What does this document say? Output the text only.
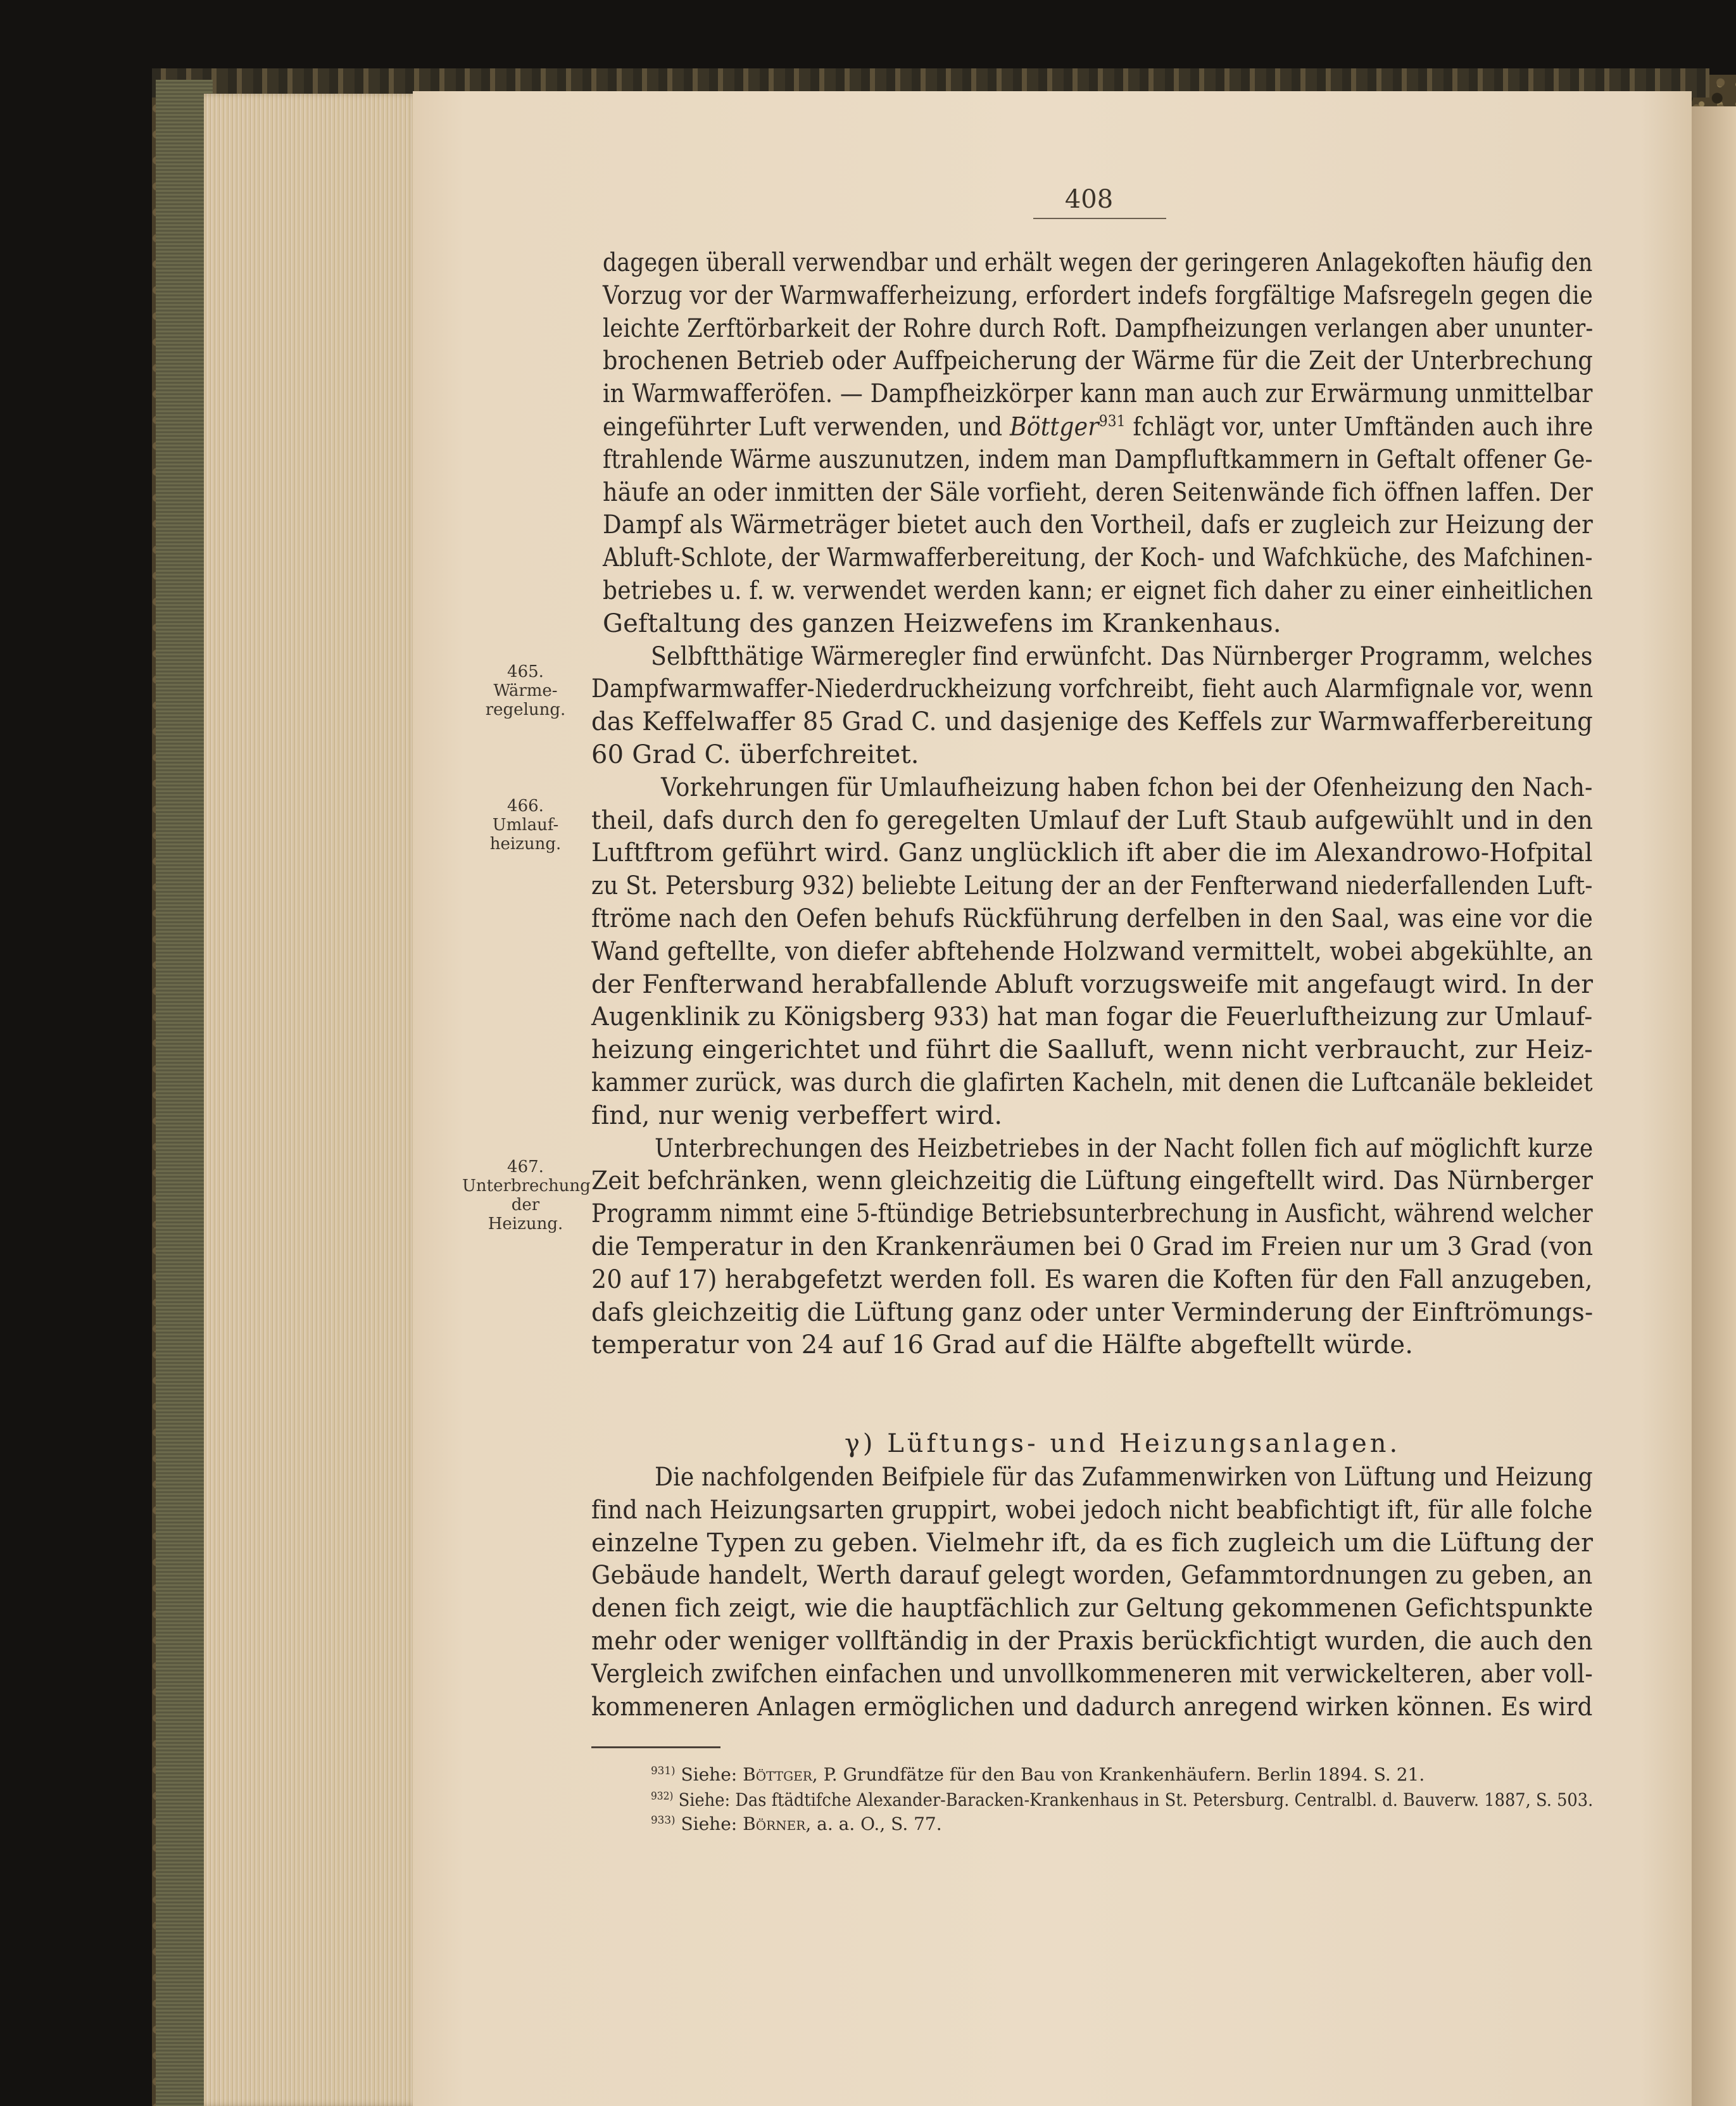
408
dagegen überall verwendbar und erhält wegen der geringeren Anlagekoften häufig den
Vorzug vor der Warmwafferheizung, erfordert indefs forgfältige Mafsregeln gegen die
leichte Zerftörbarkeit der Rohre durch Roft. Dampfheizungen verlangen aber ununter-
brochenen Betrieb oder Auffpeicherung der Wärme für die Zeit der Unterbrechung
in Warmwafferöfen. — Dampfheizkörper kann man auch zur Erwärmung unmittelbar
eingeführter Luft verwenden, und Böttger$^{931}$ fchlägt vor, unter Umftänden auch ihre
ftrahlende Wärme auszunutzen, indem man Dampfluftkammern in Geftalt offener Ge-
häufe an oder inmitten der Säle vorfieht, deren Seitenwände fich öffnen laffen. Der
Dampf als Wärmeträger bietet auch den Vortheil, dafs er zugleich zur Heizung der
Abluft-Schlote, der Warmwafferbereitung, der Koch- und Wafchküche, des Mafchinen-
betriebes u. f. w. verwendet werden kann; er eignet fich daher zu einer einheitlichen
Geftaltung des ganzen Heizwefens im Krankenhaus.
Selbftthätige Wärmeregler find erwünfcht. Das Nürnberger Programm, welches
Dampfwarmwaffer-Niederdruckheizung vorfchreibt, fieht auch Alarmfignale vor, wenn
das Keffelwaffer 85 Grad C. und dasjenige des Keffels zur Warmwafferbereitung
60 Grad C. überfchreitet.
Vorkehrungen für Umlaufheizung haben fchon bei der Ofenheizung den Nach-
theil, dafs durch den fo geregelten Umlauf der Luft Staub aufgewühlt und in den
Luftftrom geführt wird. Ganz unglücklich ift aber die im Alexandrowo-Hofpital
zu St. Petersburg 932) beliebte Leitung der an der Fenfterwand niederfallenden Luft-
ftröme nach den Oefen behufs Rückführung derfelben in den Saal, was eine vor die
Wand geftellte, von diefer abftehende Holzwand vermittelt, wobei abgekühlte, an
der Fenfterwand herabfallende Abluft vorzugsweife mit angefaugt wird. In der
Augenklinik zu Königsberg 933) hat man fogar die Feuerluftheizung zur Umlauf-
heizung eingerichtet und führt die Saalluft, wenn nicht verbraucht, zur Heiz-
kammer zurück, was durch die glafirten Kacheln, mit denen die Luftcanäle bekleidet
find, nur wenig verbeffert wird.
Unterbrechungen des Heizbetriebes in der Nacht follen fich auf möglichft kurze
Zeit befchränken, wenn gleichzeitig die Lüftung eingeftellt wird. Das Nürnberger
Programm nimmt eine 5-ftündige Betriebsunterbrechung in Ausficht, während welcher
die Temperatur in den Krankenräumen bei 0 Grad im Freien nur um 3 Grad (von
20 auf 17) herabgefetzt werden foll. Es waren die Koften für den Fall anzugeben,
dafs gleichzeitig die Lüftung ganz oder unter Verminderung der Einftrömungs-
temperatur von 24 auf 16 Grad auf die Hälfte abgeftellt würde.
Die nachfolgenden Beifpiele für das Zufammenwirken von Lüftung und Heizung
find nach Heizungsarten gruppirt, wobei jedoch nicht beabfichtigt ift, für alle folche
einzelne Typen zu geben. Vielmehr ift, da es fich zugleich um die Lüftung der
Gebäude handelt, Werth darauf gelegt worden, Gefammtordnungen zu geben, an
denen fich zeigt, wie die hauptfächlich zur Geltung gekommenen Gefichtspunkte
mehr oder weniger vollftändig in der Praxis berückfichtigt wurden, die auch den
Vergleich zwifchen einfachen und unvollkommeneren mit verwickelteren, aber voll-
kommeneren Anlagen ermöglichen und dadurch anregend wirken können. Es wird
γ) Lüftungs- und Heizungsanlagen.
465.
Wärme-
regelung.
466.
Umlauf-
heizung.
467.
Unterbrechung
der
Heizung.
$^{931)}$ Siehe: Böttger, P. Grundfätze für den Bau von Krankenhäufern. Berlin 1894. S. 21.
$^{932)}$ Siehe: Das ftädtifche Alexander-Baracken-Krankenhaus in St. Petersburg. Centralbl. d. Bauverw. 1887, S. 503.
$^{933)}$ Siehe: Börner, a. a. O., S. 77.
